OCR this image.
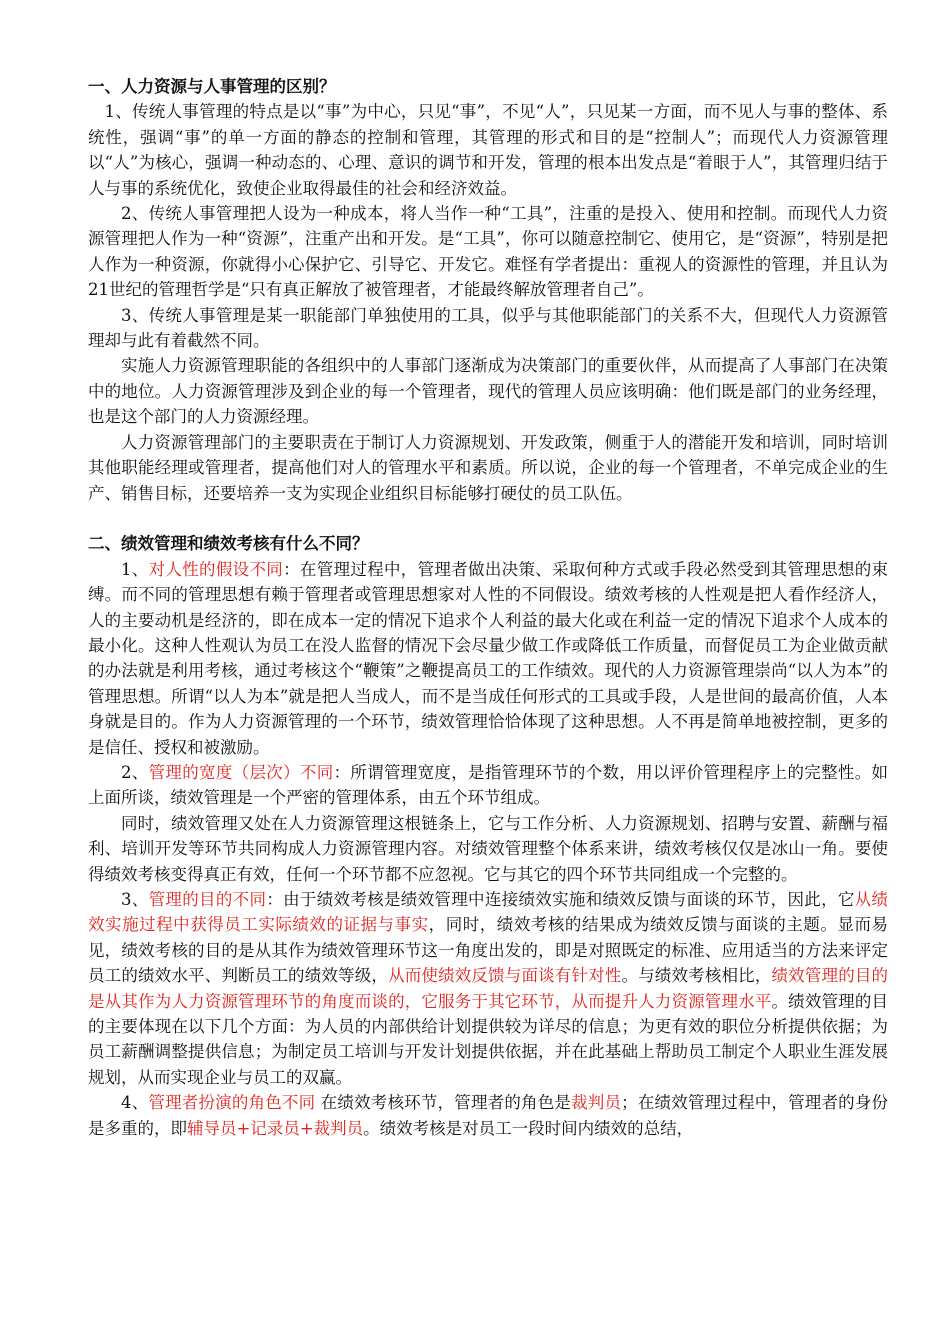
一、人力资源与人事管理的区别？

1、传统人事管理的特点是以“事”为中心，只见“事”，不见“人”，只见某一方面，而不见人与事的整体、系统性，强调“事”的单一方面的静态的控制和管理，其管理的形式和目的是“控制人”；而现代人力资源管理以“人”为核心，强调一种动态的、心理、意识的调节和开发，管理的根本出发点是“着眼于人”，其管理归结于人与事的系统优化，致使企业取得最佳的社会和经济效益。

2、传统人事管理把人设为一种成本，将人当作一种“工具”，注重的是投入、使用和控制。而现代人力资源管理把人作为一种“资源”，注重产出和开发。是“工具”，你可以随意控制它、使用它，是“资源”，特别是把人作为一种资源，你就得小心保护它、引导它、开发它。难怪有学者提出：重视人的资源性的管理，并且认为21世纪的管理哲学是“只有真正解放了被管理者，才能最终解放管理者自己”。

3、传统人事管理是某一职能部门单独使用的工具，似乎与其他职能部门的关系不大，但现代人力资源管理却与此有着截然不同。

实施人力资源管理职能的各组织中的人事部门逐渐成为决策部门的重要伙伴，从而提高了人事部门在决策中的地位。人力资源管理涉及到企业的每一个管理者，现代的管理人员应该明确：他们既是部门的业务经理，也是这个部门的人力资源经理。

人力资源管理部门的主要职责在于制订人力资源规划、开发政策，侧重于人的潜能开发和培训，同时培训其他职能经理或管理者，提高他们对人的管理水平和素质。所以说，企业的每一个管理者，不单完成企业的生产、销售目标，还要培养一支为实现企业组织目标能够打硬仗的员工队伍。

二、绩效管理和绩效考核有什么不同？

1、对人性的假设不同：在管理过程中，管理者做出决策、采取何种方式或手段必然受到其管理思想的束缚。而不同的管理思想有赖于管理者或管理思想家对人性的不同假设。绩效考核的人性观是把人看作经济人，人的主要动机是经济的，即在成本一定的情况下追求个人利益的最大化或在利益一定的情况下追求个人成本的最小化。这种人性观认为员工在没人监督的情况下会尽量少做工作或降低工作质量，而督促员工为企业做贡献的办法就是利用考核，通过考核这个“鞭策”之鞭提高员工的工作绩效。现代的人力资源管理崇尚“以人为本”的管理思想。所谓“以人为本”就是把人当成人，而不是当成任何形式的工具或手段，人是世间的最高价值，人本身就是目的。作为人力资源管理的一个环节，绩效管理恰恰体现了这种思想。人不再是简单地被控制，更多的是信任、授权和被激励。

2、管理的宽度（层次）不同：所谓管理宽度，是指管理环节的个数，用以评价管理程序上的完整性。如上面所谈，绩效管理是一个严密的管理体系，由五个环节组成。

同时，绩效管理又处在人力资源管理这根链条上，它与工作分析、人力资源规划、招聘与安置、薪酬与福利、培训开发等环节共同构成人力资源管理内容。对绩效管理整个体系来讲，绩效考核仅仅是冰山一角。要使得绩效考核变得真正有效，任何一个环节都不应忽视。它与其它的四个环节共同组成一个完整的。

3、管理的目的不同：由于绩效考核是绩效管理中连接绩效实施和绩效反馈与面谈的环节，因此，它从绩效实施过程中获得员工实际绩效的证据与事实，同时，绩效考核的结果成为绩效反馈与面谈的主题。显而易见，绩效考核的目的是从其作为绩效管理环节这一角度出发的，即是对照既定的标准、应用适当的方法来评定员工的绩效水平、判断员工的绩效等级，从而使绩效反馈与面谈有针对性。与绩效考核相比，绩效管理的目的是从其作为人力资源管理环节的角度而谈的，它服务于其它环节，从而提升人力资源管理水平。绩效管理的目的主要体现在以下几个方面：为人员的内部供给计划提供较为详尽的信息；为更有效的职位分析提供依据；为员工薪酬调整提供信息；为制定员工培训与开发计划提供依据，并在此基础上帮助员工制定个人职业生涯发展规划，从而实现企业与员工的双赢。

4、管理者扮演的角色不同 在绩效考核环节，管理者的角色是裁判员；在绩效管理过程中，管理者的身份是多重的，即辅导员+记录员+裁判员。绩效考核是对员工一段时间内绩效的总结，
